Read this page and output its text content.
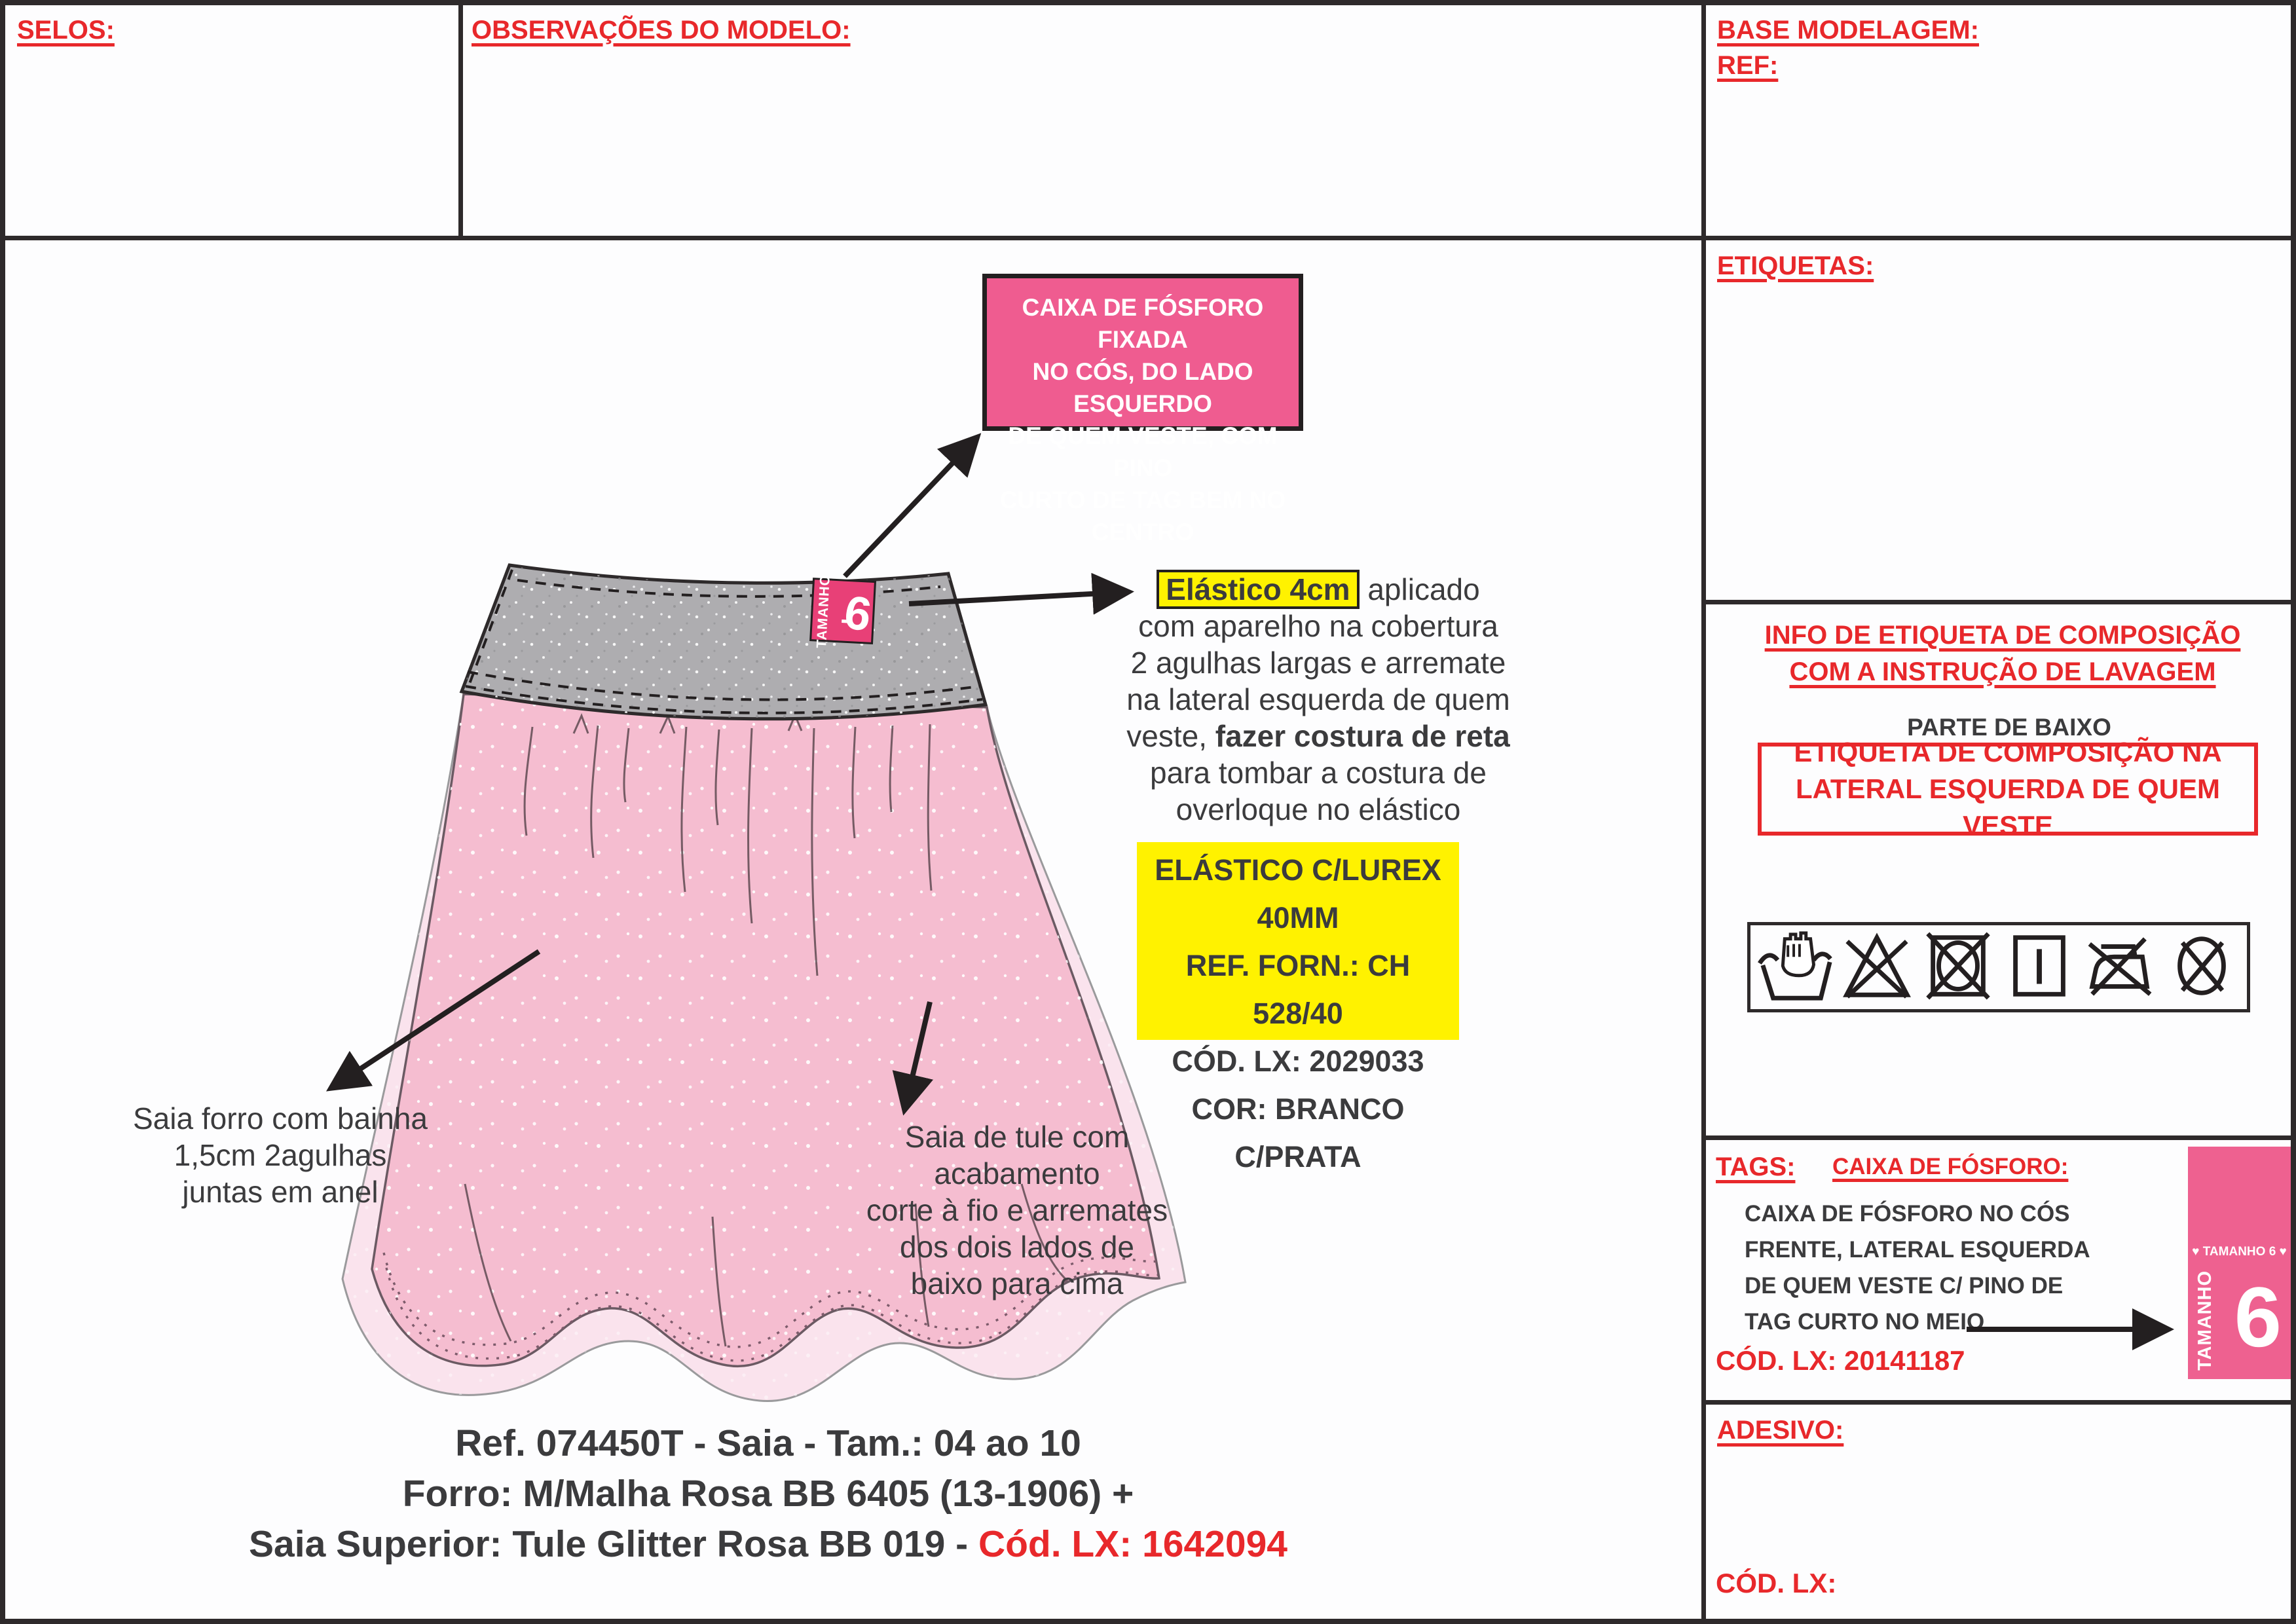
SELOS:	OBSERVAÇÕES DO MODELO:	BASE MODELAGEM:
REF:
ETIQUETAS:
INFO DE ETIQUETA DE COMPOSIÇÃO
COM A INSTRUÇÃO DE LAVAGEM
PARTE DE BAIXO
ETIQUETA DE COMPOSIÇÃO NA
LATERAL ESQUERDA DE QUEM VESTE
TAGS: CAIXA DE FÓSFORO:
CAIXA DE FÓSFORO NO CÓS
FRENTE, LATERAL ESQUERDA
DE QUEM VESTE C/ PINO DE
TAG CURTO NO MEIO
CÓD. LX: 20141187
♥ TAMANHO 6 ♥
TAMANHO 6
ADESIVO:
CÓD. LX:
TAMANHO 6
CAIXA DE FÓSFORO FIXADA
NO CÓS, DO LADO ESQUERDO
DE QUEM VESTE, COM PINO
CURTO DE TAG BEM NO CENTRO
Elástico 4cm aplicado
com aparelho na cobertura
2 agulhas largas e arremate
na lateral esquerda de quem
veste, fazer costura de reta
para tombar a costura de
overloque no elástico
ELÁSTICO C/LUREX 40MM
REF. FORN.: CH 528/40
CÓD. LX: 2029033
COR: BRANCO C/PRATA
Saia forro com bainha
1,5cm 2agulhas
juntas em anel
Saia de tule com
acabamento
corte à fio e arremates
dos dois lados de
baixo para cima
Ref. 074450T - Saia - Tam.: 04 ao 10
Forro: M/Malha Rosa BB 6405 (13-1906) +
Saia Superior: Tule Glitter Rosa BB 019 - Cód. LX: 1642094
